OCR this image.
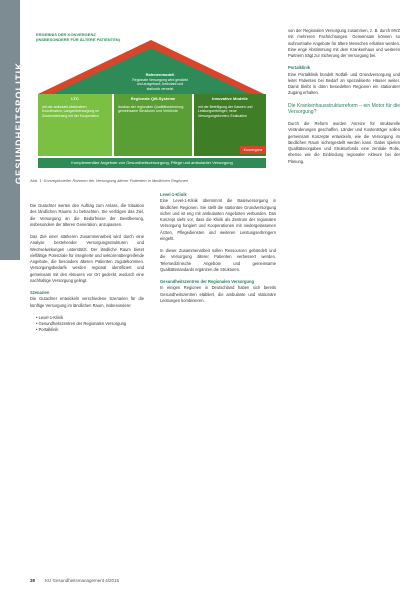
GESUNDHEITSPOLITIK
ERGEBNIS DER KONVERGENZ
(INSBESONDERE FÜR ÄLTERE PATIENTEN)
Rahmenmodell
Regionale Versorgung wird gestärkt und ausgebaut; Ambulant und stationär vernetzt
LTC
mit der ambulant-stationären Koordination; Langzeitversorgung im Zusammenhang mit der Kooperation
Regionale QM-Systeme
Ausbau der regionalen Qualitätssicherung; gemeinsame Strukturen und Verbünde
Innovative Modelle
mit der Beteiligung der Kassen und Leistungserbringer; neue Versorgungsformen; Evaluation
Konvergenz
Komplementäre Angebote von Gesundheitsversorgung, Pflege und ambulanter Versorgung
Abb. 1: Konzeptioneller Rahmen der Versorgung älterer Patienten in ländlichen Regionen

Die Gutachter werten den Auftrag zum Anlass, die Situation des ländlichen Raums zu betrachten. Sie verfolgen das Ziel, die Versorgung an die Bedürfnisse der Bevölkerung, insbesondere der älteren Generation, anzupassen.

Das Ziel einer stärkeren Zusammenarbeit wird durch eine Analyse bestehender Versorgungsstrukturen und Wechselwirkungen unterstützt. Der ländliche Raum bietet vielfältige Potenziale für integrierte und sektorenübergreifende Angebote, die besonders älteren Patienten zugutekommen. Versorgungsbedarfe werden regional identifiziert und gemeinsam mit den Akteuren vor Ort gedeckt, wodurch eine nachhaltige Versorgung gelingt.

Szenarien

Die Gutachter entwickeln verschiedene Szenarien für die künftige Versorgung im ländlichen Raum, insbesondere:

• Level-1-Klinik
• Gesundheitszentren der Regionalen Versorgung
• Portalklinik

Level-1-Klinik

Eine Level-1-Klinik übernimmt die Basisversorgung in ländlichen Regionen. Sie stellt die stationäre Grundversorgung sicher und ist eng mit ambulanten Angeboten verbunden. Das Konzept sieht vor, dass die Klinik als Zentrum der regionalen Versorgung fungiert und Kooperationen mit niedergelassenen Ärzten, Pflegediensten und weiteren Leistungserbringern eingeht.

In dieser Zusammenarbeit sollen Ressourcen gebündelt und die Versorgung älterer Patienten verbessert werden. Telemedizinische Angebote und gemeinsame Qualitätsstandards ergänzen die Strukturen.

Gesundheitszentren der Regionalen Versorgung

In einigen Regionen in Deutschland haben sich bereits Gesundheitszentren etabliert, die ambulante und stationäre Leistungen kombinieren.

von der Regionalen Versorgung zusammen, z. B. durch MVZ mit mehreren Fachrichtungen. Gemeinsam können so wohnortnahe Angebote für ältere Menschen erhalten werden. Eine enge Abstimmung mit dem Krankenhaus und weiteren Partnern trägt zur Sicherung der Versorgung bei.

Portalklinik

Eine Portalklinik bündelt Notfall- und Grundversorgung und leitet Patienten bei Bedarf an spezialisierte Häuser weiter. Damit bleibt in dünn besiedelten Regionen ein stationärer Zugang erhalten.

Die Krankenhausstrukturreform – ein Motor für die Versorgung?

Durch die Reform wurden Anreize für strukturelle Veränderungen geschaffen. Länder und Kostenträger sollen gemeinsam Konzepte entwickeln, wie die Versorgung im ländlichen Raum sichergestellt werden kann. Dabei spielen Qualitätsvorgaben und Strukturfonds eine zentrale Rolle, ebenso wie die Einbindung regionaler Akteure bei der Planung.

38 KU Gesundheitsmanagement 4/2015
